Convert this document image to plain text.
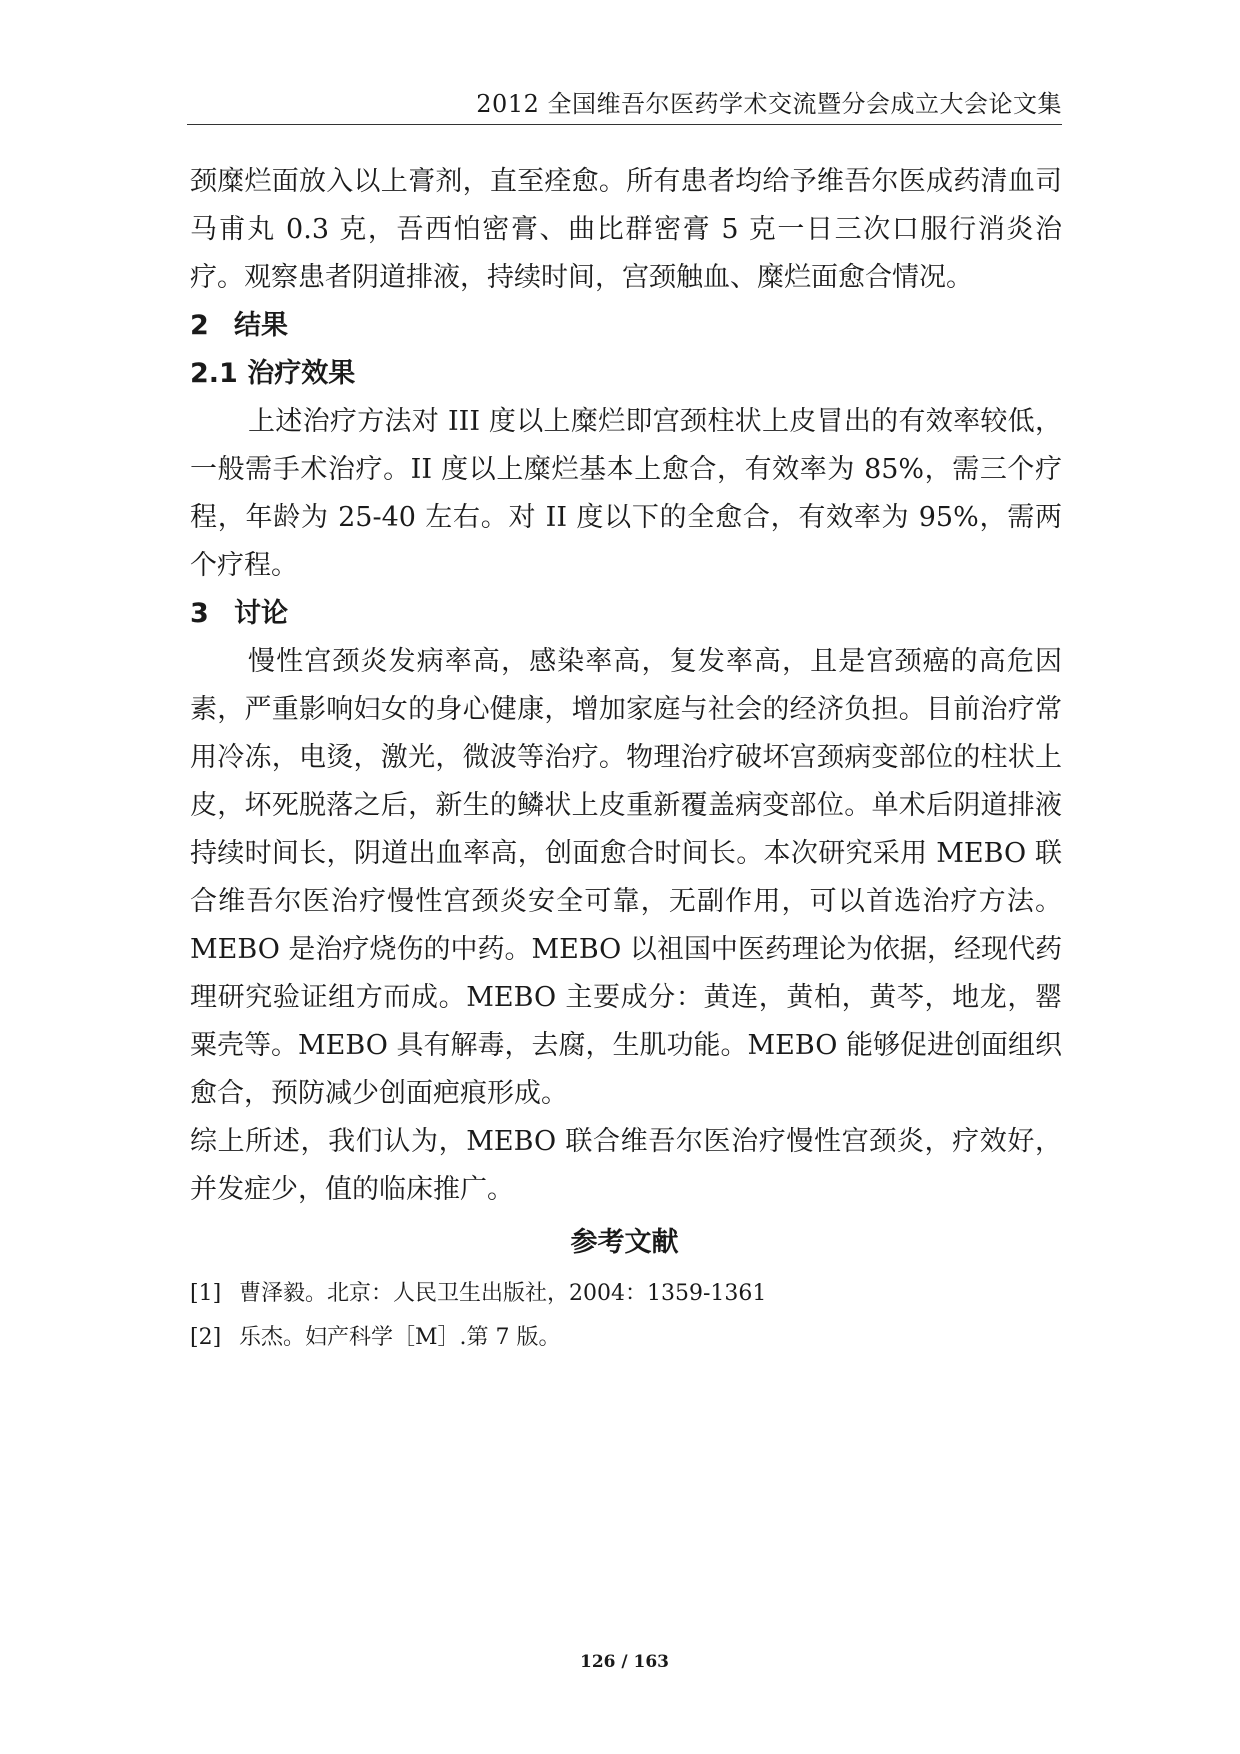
2012 全国维吾尔医药学术交流暨分会成立大会论文集

颈糜烂面放入以上膏剂，直至痊愈。所有患者均给予维吾尔医成药清血司马甫丸 0.3 克，吾西怕密膏、曲比群密膏 5 克一日三次口服行消炎治疗。观察患者阴道排液，持续时间，宫颈触血、糜烂面愈合情况。

2 结果
2.1 治疗效果

上述治疗方法对 III 度以上糜烂即宫颈柱状上皮冒出的有效率较低，一般需手术治疗。II 度以上糜烂基本上愈合，有效率为 85%，需三个疗程，年龄为 25-40 左右。对 II 度以下的全愈合，有效率为 95%，需两个疗程。

3 讨论

慢性宫颈炎发病率高，感染率高，复发率高，且是宫颈癌的高危因素，严重影响妇女的身心健康，增加家庭与社会的经济负担。目前治疗常用冷冻，电烫，激光，微波等治疗。物理治疗破坏宫颈病变部位的柱状上皮，坏死脱落之后，新生的鳞状上皮重新覆盖病变部位。单术后阴道排液持续时间长，阴道出血率高，创面愈合时间长。本次研究采用 MEBO 联合维吾尔医治疗慢性宫颈炎安全可靠，无副作用，可以首选治疗方法。MEBO 是治疗烧伤的中药。MEBO 以祖国中医药理论为依据，经现代药理研究验证组方而成。MEBO 主要成分：黄连，黄柏，黄芩，地龙，罂粟壳等。MEBO 具有解毒，去腐，生肌功能。MEBO 能够促进创面组织愈合，预防减少创面疤痕形成。

综上所述，我们认为，MEBO 联合维吾尔医治疗慢性宫颈炎，疗效好，并发症少，值的临床推广。

参考文献
[1] 曹泽毅。北京：人民卫生出版社，2004：1359-1361
[2] 乐杰。妇产科学［M］.第 7 版。
126 / 163
